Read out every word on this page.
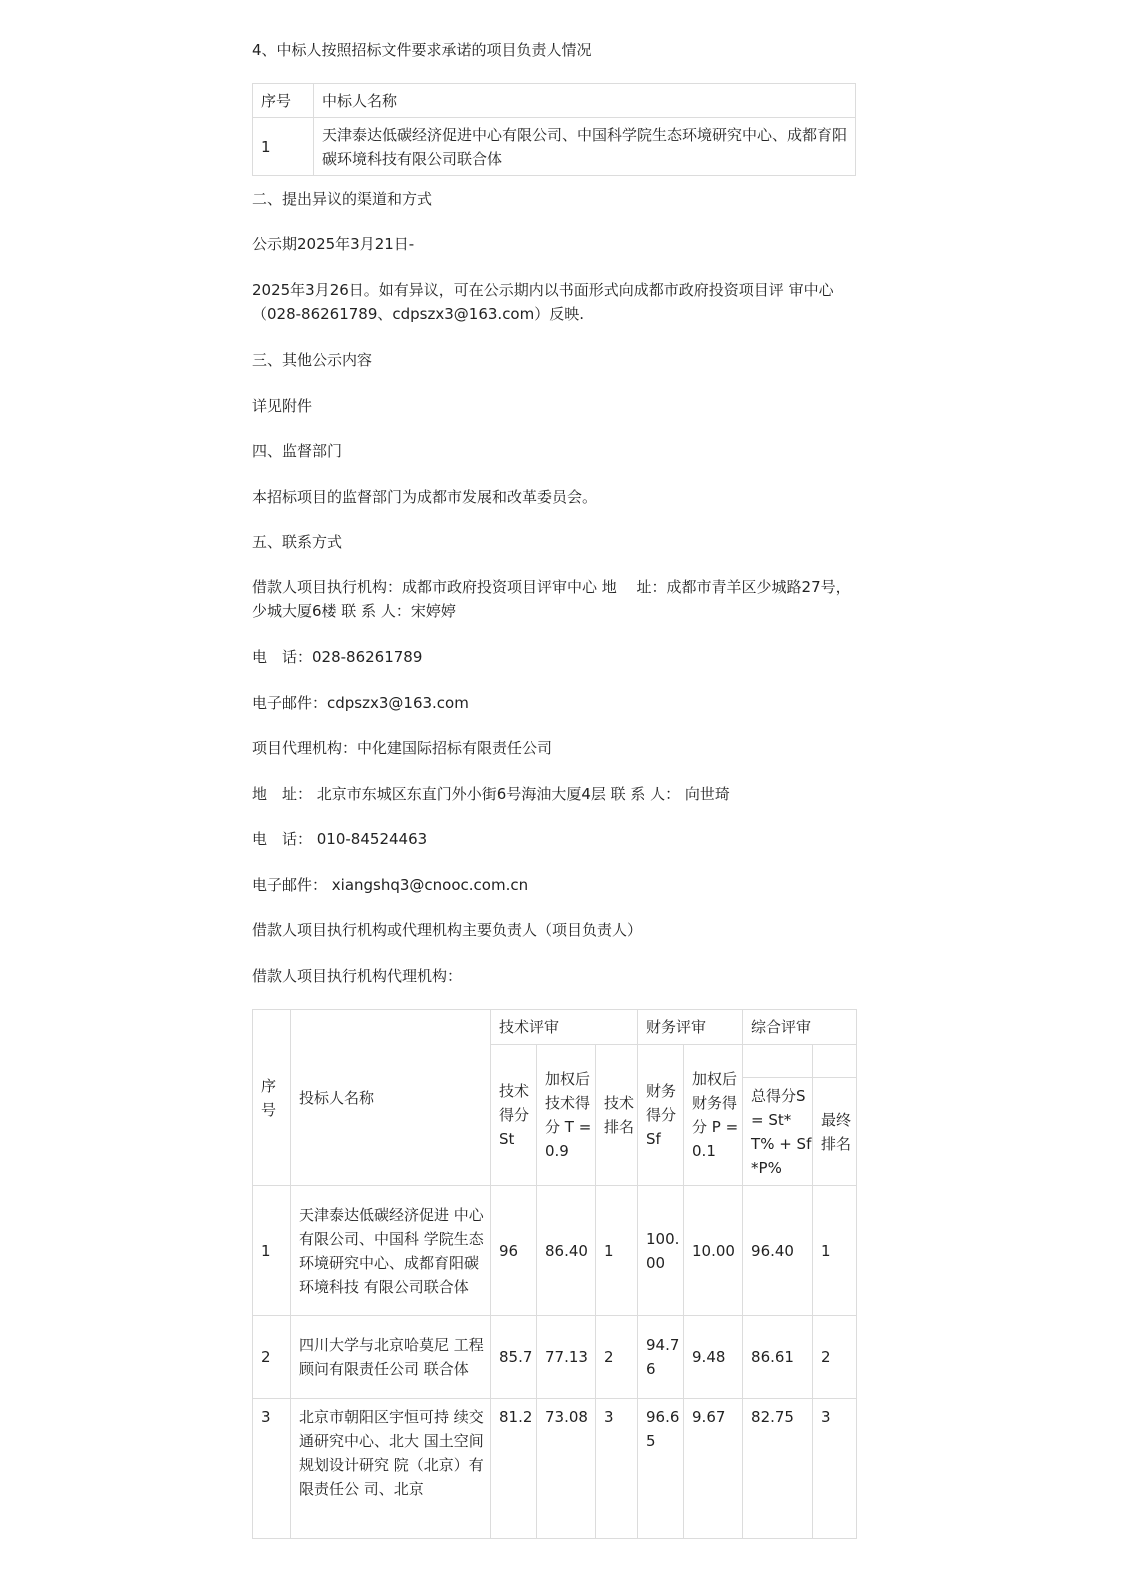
4、中标人按照招标文件要求承诺的项目负责人情况

序号	中标人名称
1	天津泰达低碳经济促进中心有限公司、中国科学院生态环境研究中心、成都育阳碳环境科技有限公司联合体

二、提出异议的渠道和方式

公示期2025年3月21日-

2025年3月26日。如有异议，可在公示期内以书面形式向成都市政府投资项目评 审中心（028-86261789、cdpszx3@163.com）反映.

三、其他公示内容

详见附件

四、监督部门

本招标项目的监督部门为成都市发展和改革委员会。

五、联系方式

借款人项目执行机构：成都市政府投资项目评审中心 地　 址：成都市青羊区少城路27号，少城大厦6楼 联 系 人：宋婷婷

电　话：028-86261789

电子邮件：cdpszx3@163.com

项目代理机构：中化建国际招标有限责任公司

地　址： 北京市东城区东直门外小街6号海油大厦4层 联 系 人： 向世琦

电　话： 010-84524463

电子邮件： xiangshq3@cnooc.com.cn

借款人项目执行机构或代理机构主要负责人（项目负责人）

借款人项目执行机构代理机构：

序号	投标人名称	技术评审			财务评审		综合评审	
		技术得分St	加权后技术得分 T =0.9	技术排名	财务得分Sf	加权后财务得分 P =0.1		
							总得分S= St* T% + Sf*P%	最终排名
1	天津泰达低碳经济促进 中心有限公司、中国科 学院生态环境研究中心、成都育阳碳环境科技 有限公司联合体	96	86.40	1	100.00	10.00	96.40	1
2	四川大学与北京哈莫尼 工程顾问有限责任公司 联合体	85.7	77.13	2	94.76	9.48	86.61	2
3	北京市朝阳区宇恒可持 续交通研究中心、北大 国土空间规划设计研究 院（北京）有限责任公 司、北京	81.2	73.08	3	96.65	9.67	82.75	3
